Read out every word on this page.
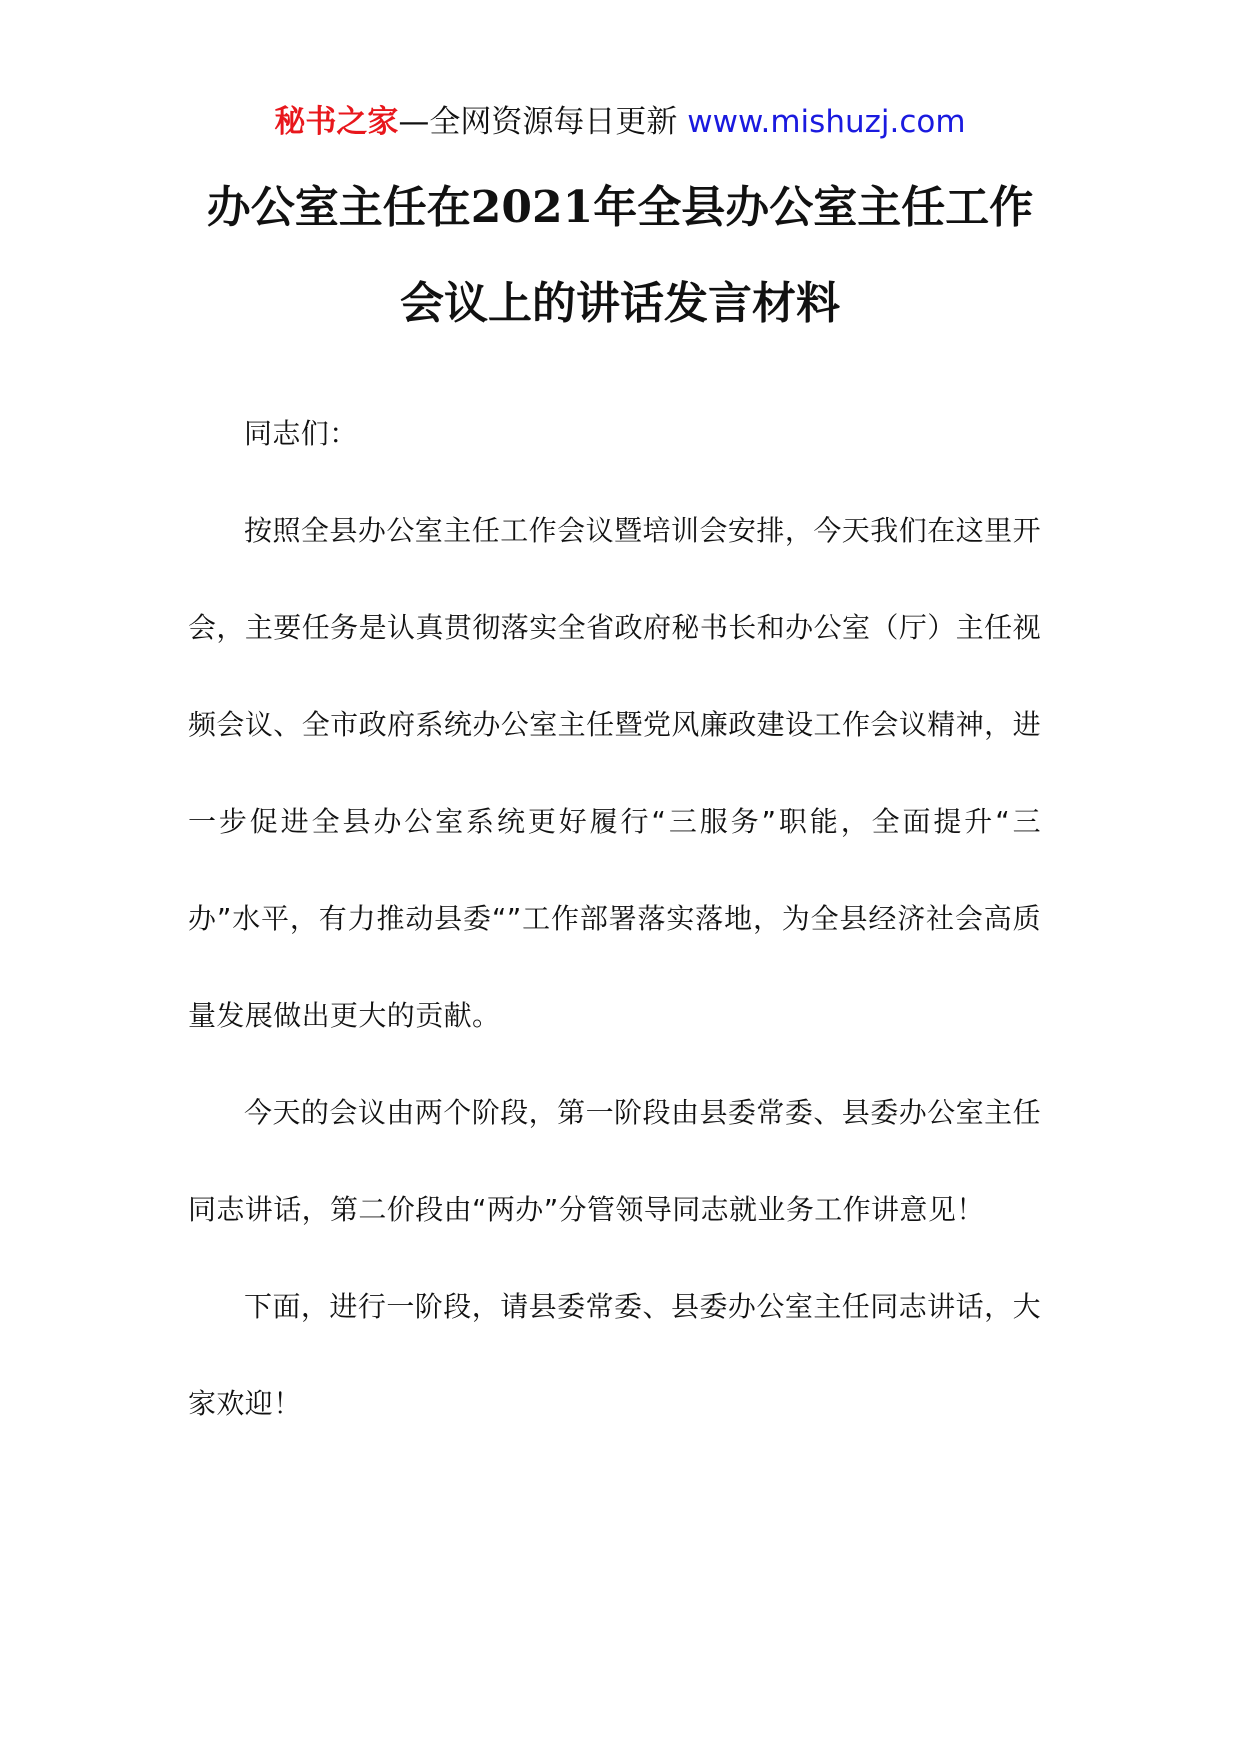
秘书之家—全网资源每日更新 www.mishuzj.com
办公室主任在2021年全县办公室主任工作
会议上的讲话发言材料

同志们：

按照全县办公室主任工作会议暨培训会安排，今天我们在这里开会，主要任务是认真贯彻落实全省政府秘书长和办公室（厅）主任视频会议、全市政府系统办公室主任暨党风廉政建设工作会议精神，进一步促进全县办公室系统更好履行“三服务”职能，全面提升“三办”水平，有力推动县委“”工作部署落实落地，为全县经济社会高质量发展做出更大的贡献。

今天的会议由两个阶段，第一阶段由县委常委、县委办公室主任同志讲话，第二价段由“两办”分管领导同志就业务工作讲意见！

下面，进行一阶段，请县委常委、县委办公室主任同志讲话，大家欢迎！
